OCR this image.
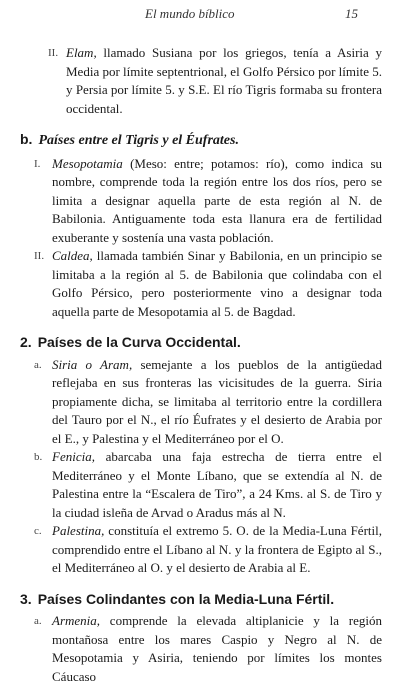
El mundo bíblico	15

II. Elam, llamado Susiana por los griegos, tenía a Asiria y Media por límite septentrional, el Golfo Pérsico por límite 5. y Persia por límite 5. y S.E. El río Tigris formaba su frontera occidental.

b. Países entre el Tigris y el Éufrates.

I. Mesopotamia (Meso: entre; potamos: río), como indica su nombre, comprende toda la región entre los dos ríos, pero se limita a designar aquella parte de esta región al N. de Babilonia. Antiguamente toda esta llanura era de fertilidad exuberante y sostenía una vasta población.

II. Caldea, llamada también Sinar y Babilonia, en un principio se limitaba a la región al 5. de Babilonia que colindaba con el Golfo Pérsico, pero posteriormente vino a designar toda aquella parte de Mesopotamia al 5. de Bagdad.

2. Países de la Curva Occidental.

a. Siria o Aram, semejante a los pueblos de la antigüedad reflejaba en sus fronteras las vicisitudes de la guerra. Siria propiamente dicha, se limitaba al territorio entre la cordillera del Tauro por el N., el río Éufrates y el desierto de Arabia por el E., y Palestina y el Mediterráneo por el O.

b. Fenicia, abarcaba una faja estrecha de tierra entre el Mediterráneo y el Monte Líbano, que se extendía al N. de Palestina entre la “Escalera de Tiro”, a 24 Kms. al S. de Tiro y la ciudad isleña de Arvad o Aradus más al N.

c. Palestina, constituía el extremo 5. O. de la Media-Luna Fértil, comprendido entre el Líbano al N. y la frontera de Egipto al S., el Mediterráneo al O. y el desierto de Arabia al E.

3. Países Colindantes con la Media-Luna Fértil.

a. Armenia, comprende la elevada altiplanicie y la región montañosa entre los mares Caspio y Negro al N. de Mesopotamia y Asiria, teniendo por límites los montes Cáucaso
